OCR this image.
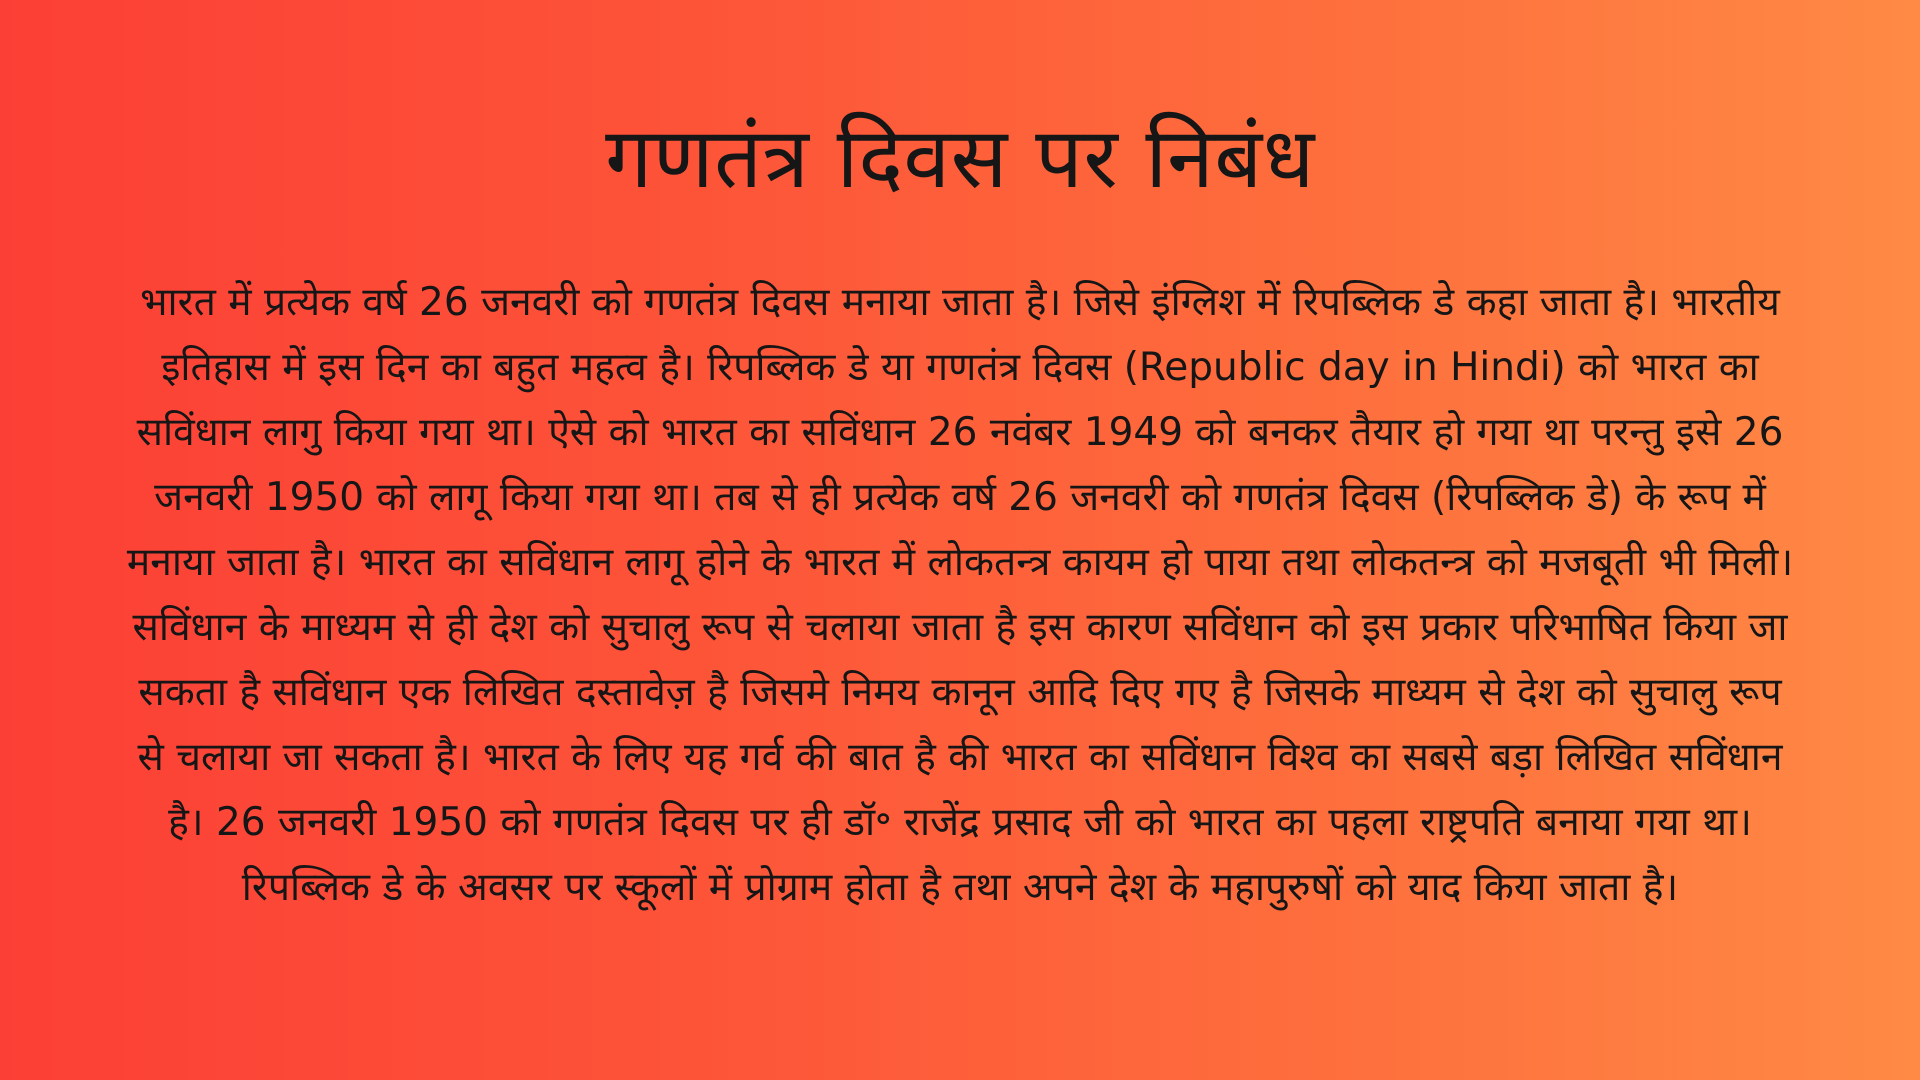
गणतंत्र दिवस पर निबंध
भारत में प्रत्येक वर्ष 26 जनवरी को गणतंत्र दिवस मनाया जाता है। जिसे इंग्लिश में रिपब्लिक डे कहा जाता है। भारतीय
इतिहास में इस दिन का बहुत महत्व है। रिपब्लिक डे या गणतंत्र दिवस (Republic day in Hindi) को भारत का
सविंधान लागु किया गया था। ऐसे को भारत का सविंधान 26 नवंबर 1949 को बनकर तैयार हो गया था परन्तु इसे 26
जनवरी 1950 को लागू किया गया था। तब से ही प्रत्येक वर्ष 26 जनवरी को गणतंत्र दिवस (रिपब्लिक डे) के रूप में
मनाया जाता है। भारत का सविंधान लागू होने के भारत में लोकतन्त्र कायम हो पाया तथा लोकतन्त्र को मजबूती भी मिली।
सविंधान के माध्यम से ही देश को सुचालु रूप से चलाया जाता है इस कारण सविंधान को इस प्रकार परिभाषित किया जा
सकता है सविंधान एक लिखित दस्तावेज़ है जिसमे निमय कानून आदि दिए गए है जिसके माध्यम से देश को सुचालु रूप
से चलाया जा सकता है। भारत के लिए यह गर्व की बात है की भारत का सविंधान विश्व का सबसे बड़ा लिखित सविंधान
है। 26 जनवरी 1950 को गणतंत्र दिवस पर ही डॉ॰ राजेंद्र प्रसाद जी को भारत का पहला राष्ट्रपति बनाया गया था।
रिपब्लिक डे के अवसर पर स्कूलों में प्रोग्राम होता है तथा अपने देश के महापुरुषों को याद किया जाता है।
